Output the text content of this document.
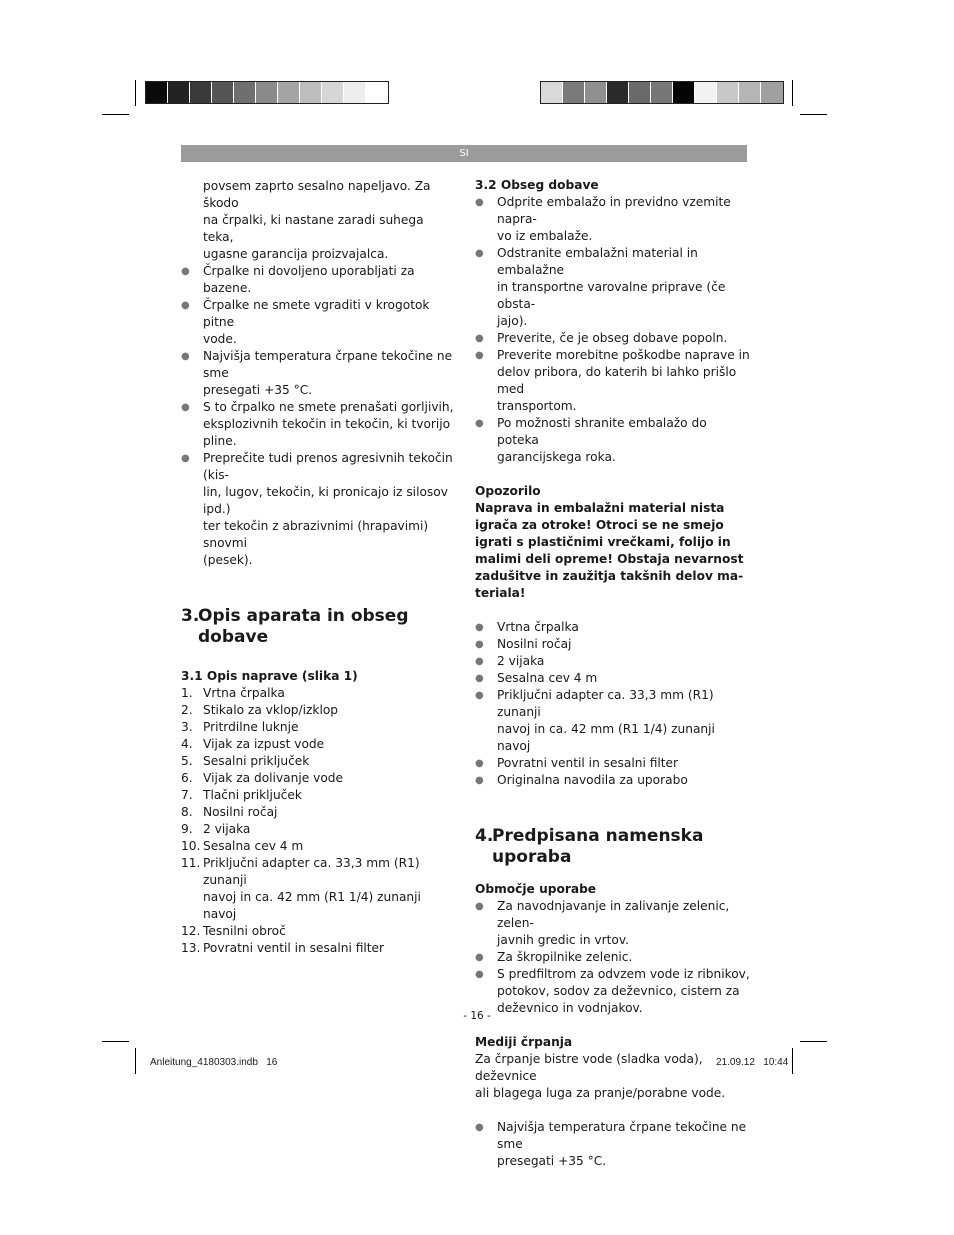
SI
povsem zaprto sesalno napeljavo. Za škodo
na črpalki, ki nastane zaradi suhega teka,
ugasne garancija proizvajalca.
●	Črpalke ni dovoljeno uporabljati za bazene.
●	Črpalke ne smete vgraditi v krogotok pitne
vode.
●	Najvišja temperatura črpane tekočine ne sme
presegati +35 °C.
●	S to črpalko ne smete prenašati gorljivih,
eksplozivnih tekočin in tekočin, ki tvorijo pline.
●	Preprečite tudi prenos agresivnih tekočin (kis-
lin, lugov, tekočin, ki pronicajo iz silosov ipd.)
ter tekočin z abrazivnimi (hrapavimi) snovmi
(pesek).
3.Opis aparata in obseg
dobave

3.1 Opis naprave (slika 1)

1. Vrtna črpalka
2. Stikalo za vklop/izklop
3. Pritrdilne luknje
4. Vijak za izpust vode
5. Sesalni priključek
6. Vijak za dolivanje vode
7. Tlačni priključek
8. Nosilni ročaj
9. 2 vijaka
10. Sesalna cev 4 m
11. Priključni adapter ca. 33,3 mm (R1) zunanji
navoj in ca. 42 mm (R1 1/4) zunanji navoj
12. Tesnilni obroč
13. Povratni ventil in sesalni filter

3.2 Obseg dobave

●	Odprite embalažo in previdno vzemite napra-
vo iz embalaže.
●	Odstranite embalažni material in embalažne
in transportne varovalne priprave (če obsta-
jajo).
●	Preverite, če je obseg dobave popoln.
●	Preverite morebitne poškodbe naprave in
delov pribora, do katerih bi lahko prišlo med
transportom.
●	Po možnosti shranite embalažo do poteka
garancijskega roka.

Opozorilo

Naprava in embalažni material nista
igrača za otroke! Otroci se ne smejo
igrati s plastičnimi vrečkami, folijo in
malimi deli opreme! Obstaja nevarnost
zadušitve in zaužitja takšnih delov ma-
teriala!
●	Vrtna črpalka
●	Nosilni ročaj
●	2 vijaka
●	Sesalna cev 4 m
●	Priključni adapter ca. 33,3 mm (R1) zunanji
navoj in ca. 42 mm (R1 1/4) zunanji navoj
●	Povratni ventil in sesalni filter
●	Originalna navodila za uporabo
4.Predpisana namenska
uporaba

Območje uporabe

●	Za navodnjavanje in zalivanje zelenic, zelen-
javnih gredic in vrtov.
●	Za škropilnike zelenic.
●	S predfiltrom za odvzem vode iz ribnikov,
potokov, sodov za deževnico, cistern za
deževnico in vodnjakov.

Mediji črpanja

Za črpanje bistre vode (sladka voda), deževnice
ali blagega luga za pranje/porabne vode.
●	Najvišja temperatura črpane tekočine ne sme
presegati +35 °C.
- 16 -
Anleitung_4180303.indb   16	21.09.12   10:44
